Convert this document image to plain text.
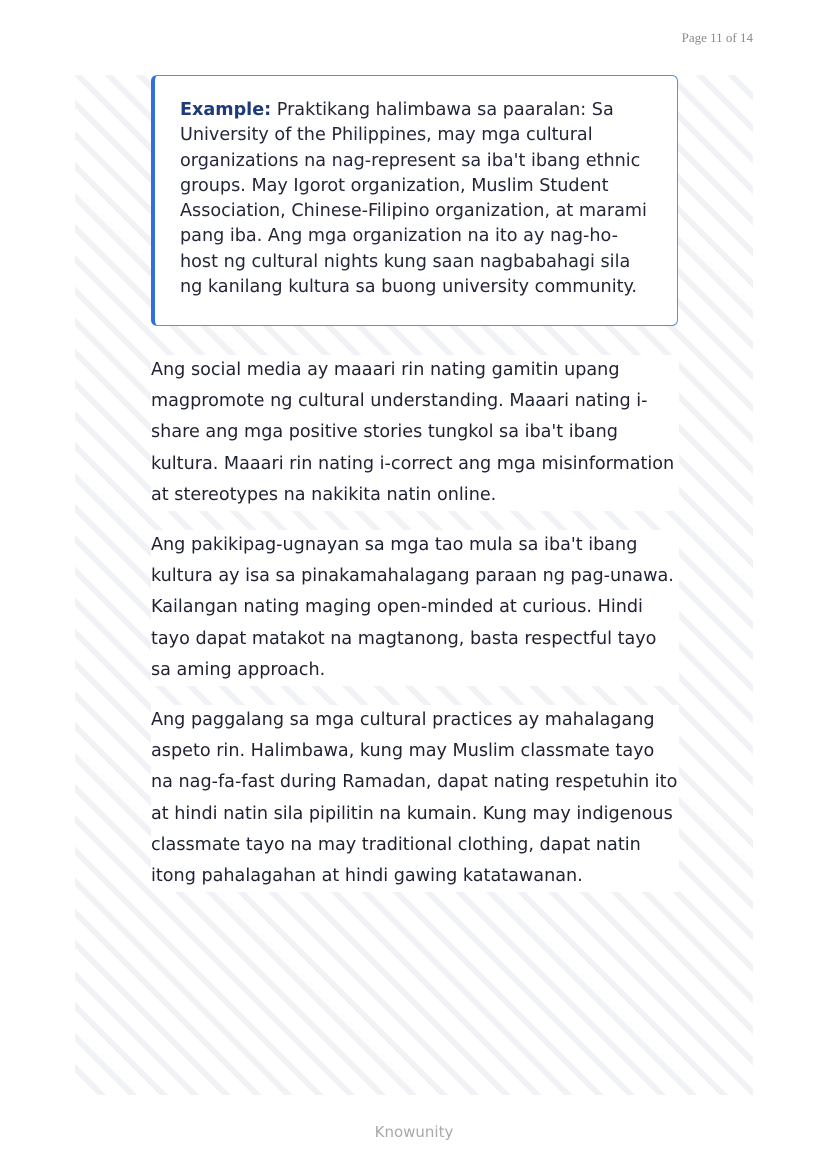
Page 11 of 14
Example: Praktikang halimbawa sa paaralan: Sa University of the Philippines, may mga cultural organizations na nag-represent sa iba't ibang ethnic groups. May Igorot organization, Muslim Student Association, Chinese-Filipino organization, at marami pang iba. Ang mga organization na ito ay nag-ho-host ng cultural nights kung saan nagbabahagi sila ng kanilang kultura sa buong university community.

Ang social media ay maaari rin nating gamitin upang magpromote ng cultural understanding. Maaari nating i-share ang mga positive stories tungkol sa iba't ibang kultura. Maaari rin nating i-correct ang mga misinformation at stereotypes na nakikita natin online.

Ang pakikipag-ugnayan sa mga tao mula sa iba't ibang kultura ay isa sa pinakamahalagang paraan ng pag-unawa. Kailangan nating maging open-minded at curious. Hindi tayo dapat matakot na magtanong, basta respectful tayo sa aming approach.

Ang paggalang sa mga cultural practices ay mahalagang aspeto rin. Halimbawa, kung may Muslim classmate tayo na nag-fa-fast during Ramadan, dapat nating respetuhin ito at hindi natin sila pipilitin na kumain. Kung may indigenous classmate tayo na may traditional clothing, dapat natin itong pahalagahan at hindi gawing katatawanan.

Knowunity
